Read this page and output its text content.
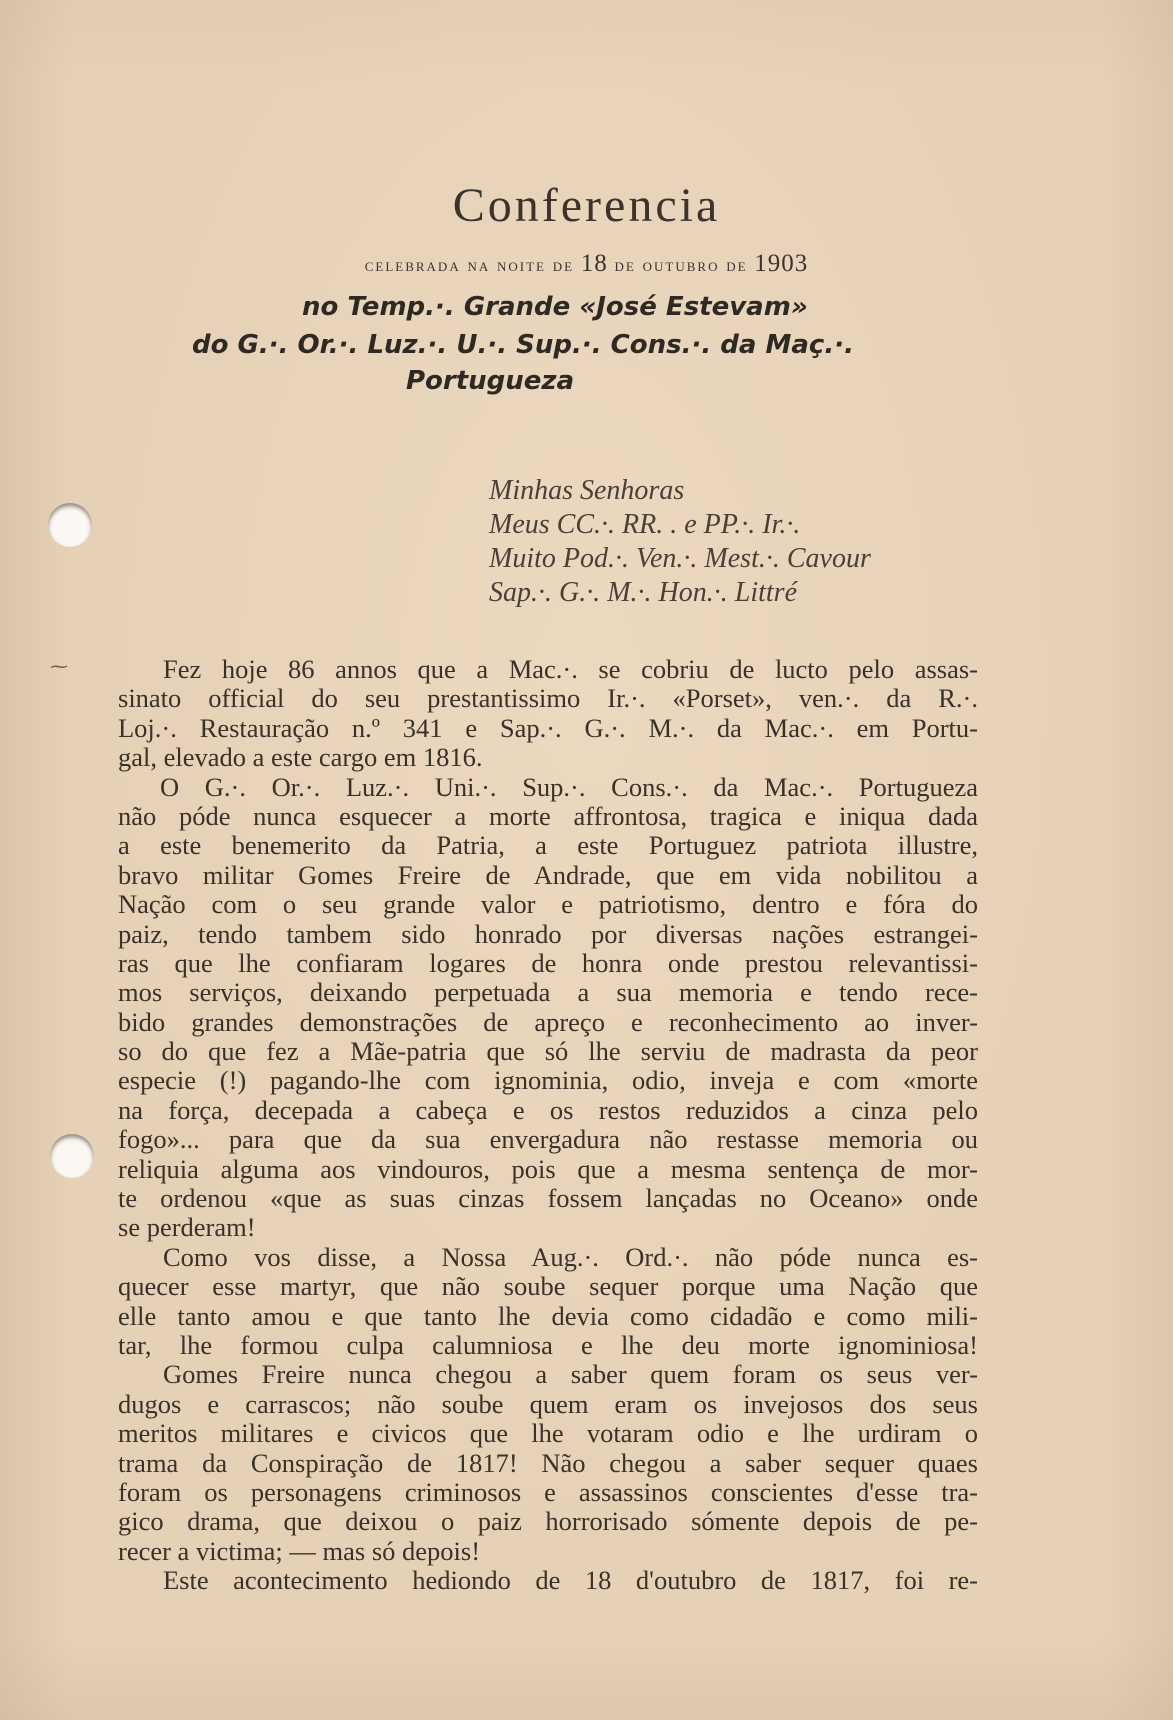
⁓
Conferencia
celebrada na noite de 18 de outubro de 1903
no Temp.·. Grande «José Estevam»
do G.·. Or.·. Luz.·. U.·. Sup.·. Cons.·. da Maç.·.
Portugueza
Minhas Senhoras
Meus CC.·. RR. . e PP.·. Ir.·.
Muito Pod.·. Ven.·. Mest.·. Cavour
Sap.·. G.·. M.·. Hon.·. Littré
Fez hoje 86 annos que a Mac.·. se cobriu de lucto pelo assas-
sinato official do seu prestantissimo Ir.·. «Porset», ven.·. da R.·.
Loj.·. Restauração n.º 341 e Sap.·. G.·. M.·. da Mac.·. em Portu-
gal, elevado a este cargo em 1816.
O G.·. Or.·. Luz.·. Uni.·. Sup.·. Cons.·. da Mac.·. Portugueza
não póde nunca esquecer a morte affrontosa, tragica e iniqua dada
a este benemerito da Patria, a este Portuguez patriota illustre,
bravo militar Gomes Freire de Andrade, que em vida nobilitou a
Nação com o seu grande valor e patriotismo, dentro e fóra do
paiz, tendo tambem sido honrado por diversas nações estrangei-
ras que lhe confiaram logares de honra onde prestou relevantissi-
mos serviços, deixando perpetuada a sua memoria e tendo rece-
bido grandes demonstrações de apreço e reconhecimento ao inver-
so do que fez a Mãe-patria que só lhe serviu de madrasta da peor
especie (!) pagando-lhe com ignominia, odio, inveja e com «morte
na força, decepada a cabeça e os restos reduzidos a cinza pelo
fogo»... para que da sua envergadura não restasse memoria ou
reliquia alguma aos vindouros, pois que a mesma sentença de mor-
te ordenou «que as suas cinzas fossem lançadas no Oceano» onde
se perderam!
Como vos disse, a Nossa Aug.·. Ord.·. não póde nunca es-
quecer esse martyr, que não soube sequer porque uma Nação que
elle tanto amou e que tanto lhe devia como cidadão e como mili-
tar, lhe formou culpa calumniosa e lhe deu morte ignominiosa!
Gomes Freire nunca chegou a saber quem foram os seus ver-
dugos e carrascos; não soube quem eram os invejosos dos seus
meritos militares e civicos que lhe votaram odio e lhe urdiram o
trama da Conspiração de 1817! Não chegou a saber sequer quaes
foram os personagens criminosos e assassinos conscientes d'esse tra-
gico drama, que deixou o paiz horrorisado sómente depois de pe-
recer a victima; — mas só depois!
Este acontecimento hediondo de 18 d'outubro de 1817, foi re-
